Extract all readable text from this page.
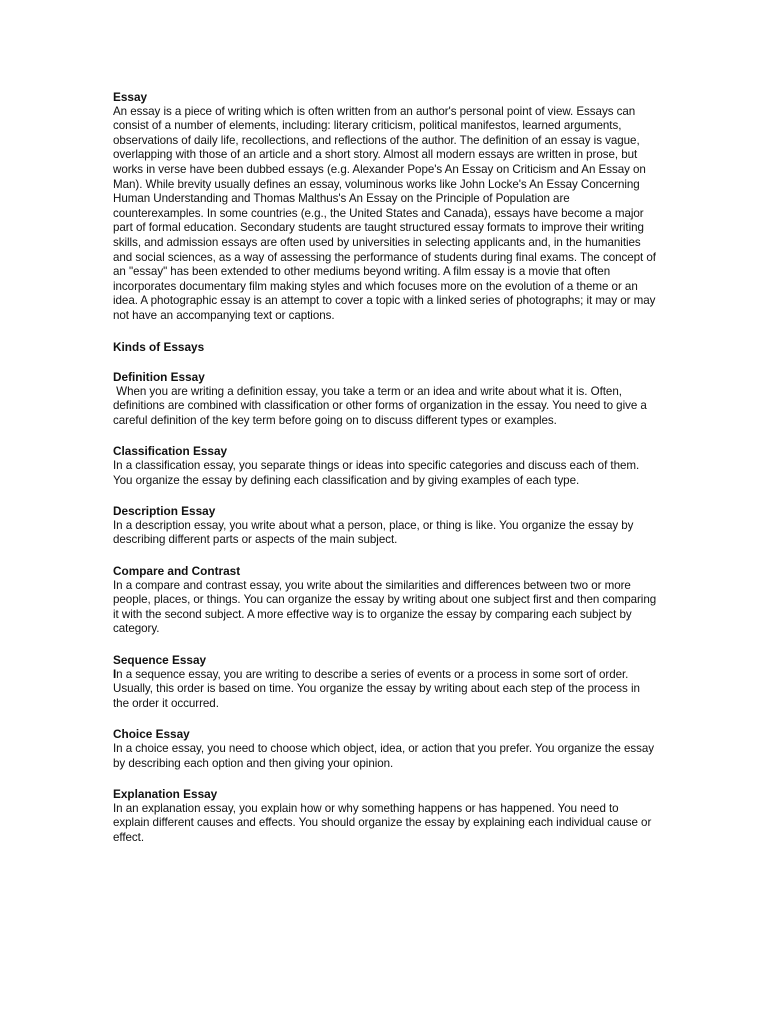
Essay

An essay is a piece of writing which is often written from an author's personal point of view. Essays can consist of a number of elements, including: literary criticism, political manifestos, learned arguments, observations of daily life, recollections, and reflections of the author. The definition of an essay is vague, overlapping with those of an article and a short story. Almost all modern essays are written in prose, but works in verse have been dubbed essays (e.g. Alexander Pope's An Essay on Criticism and An Essay on Man). While brevity usually defines an essay, voluminous works like John Locke's An Essay Concerning Human Understanding and Thomas Malthus's An Essay on the Principle of Population are counterexamples. In some countries (e.g., the United States and Canada), essays have become a major part of formal education. Secondary students are taught structured essay formats to improve their writing skills, and admission essays are often used by universities in selecting applicants and, in the humanities and social sciences, as a way of assessing the performance of students during final exams. The concept of an "essay" has been extended to other mediums beyond writing. A film essay is a movie that often incorporates documentary film making styles and which focuses more on the evolution of a theme or an idea. A photographic essay is an attempt to cover a topic with a linked series of photographs; it may or may not have an accompanying text or captions.

Kinds of Essays

Definition Essay

When you are writing a definition essay, you take a term or an idea and write about what it is. Often, definitions are combined with classification or other forms of organization in the essay. You need to give a careful definition of the key term before going on to discuss different types or examples.

Classification Essay

In a classification essay, you separate things or ideas into specific categories and discuss each of them. You organize the essay by defining each classification and by giving examples of each type.

Description Essay

In a description essay, you write about what a person, place, or thing is like. You organize the essay by describing different parts or aspects of the main subject.

Compare and Contrast

In a compare and contrast essay, you write about the similarities and differences between two or more people, places, or things. You can organize the essay by writing about one subject first and then comparing it with the second subject. A more effective way is to organize the essay by comparing each subject by category.

Sequence Essay

In a sequence essay, you are writing to describe a series of events or a process in some sort of order. Usually, this order is based on time. You organize the essay by writing about each step of the process in the order it occurred.

Choice Essay

In a choice essay, you need to choose which object, idea, or action that you prefer. You organize the essay by describing each option and then giving your opinion.

Explanation Essay

In an explanation essay, you explain how or why something happens or has happened. You need to explain different causes and effects. You should organize the essay by explaining each individual cause or effect.
